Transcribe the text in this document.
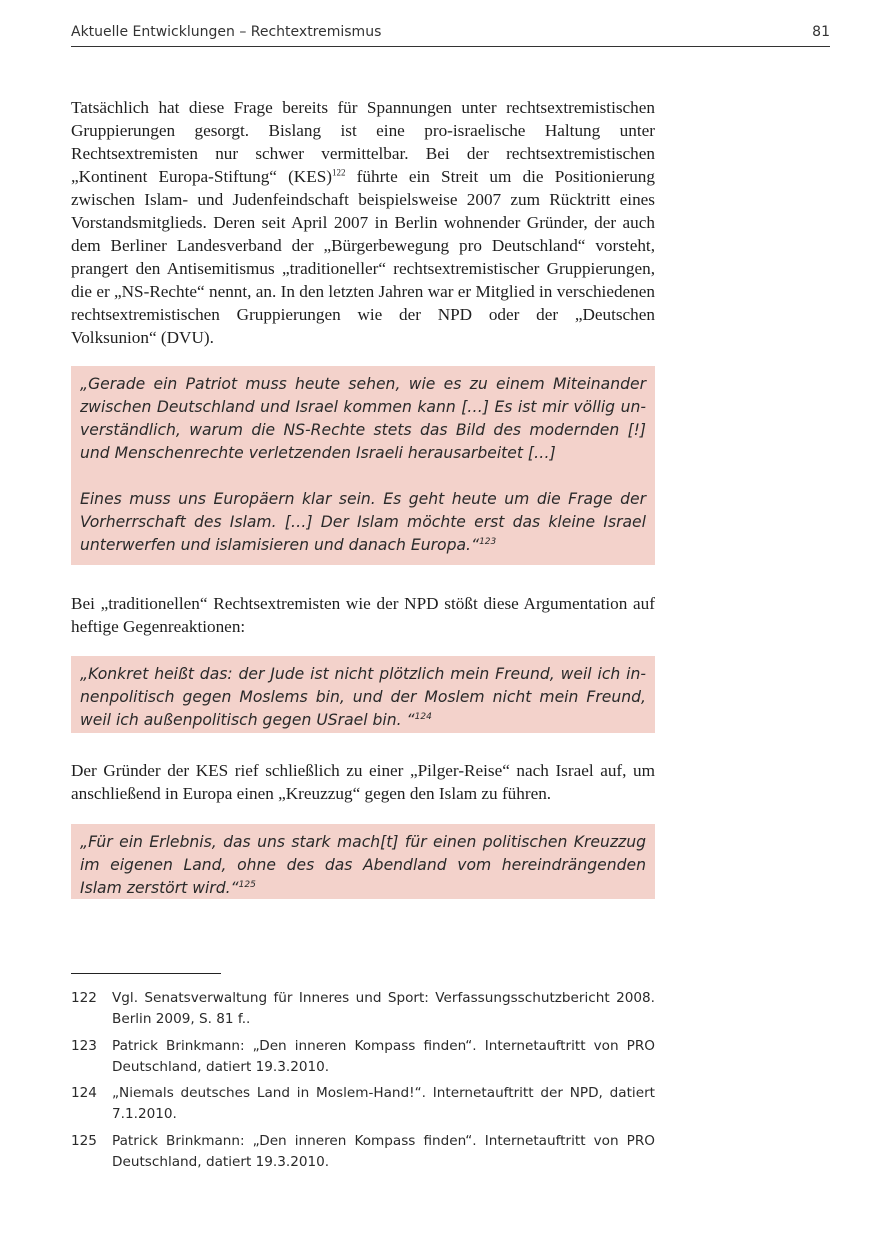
Aktuelle Entwicklungen – Rechtextremismus	81

Tatsächlich hat diese Frage bereits für Spannungen unter rechtsextremistischen Gruppierungen gesorgt. Bislang ist eine pro-israelische Haltung unter Rechtsextremisten nur schwer vermittelbar. Bei der rechtsextremistischen „Kontinent Europa-Stiftung“ (KES)$^{122}$ führte ein Streit um die Positionierung zwischen Islam- und Judenfeindschaft beispielsweise 2007 zum Rücktritt eines Vorstandsmitglieds. Deren seit April 2007 in Berlin wohnender Gründer, der auch dem Berliner Landesverband der „Bürgerbewegung pro Deutschland“ vorsteht, prangert den Antisemitismus „traditioneller“ rechtsextremistischer Gruppierungen, die er „NS-Rechte“ nennt, an. In den letzten Jahren war er Mitglied in verschiedenen rechtsextremistischen Gruppierungen wie der NPD oder der „Deutschen Volksunion“ (DVU).

„Gerade ein Patriot muss heute sehen, wie es zu einem Miteinander zwischen Deutschland und Israel kommen kann […] Es ist mir völlig unverständlich, warum die NS-Rechte stets das Bild des modernden [!] und Menschenrechte verletzenden Israeli herausarbeitet […]

Eines muss uns Europäern klar sein. Es geht heute um die Frage der Vorherrschaft des Islam. […] Der Islam möchte erst das kleine Israel unterwerfen und islamisieren und danach Europa.“$^{123}$

Bei „traditionellen“ Rechtsextremisten wie der NPD stößt diese Argumentation auf heftige Gegenreaktionen:

„Konkret heißt das: der Jude ist nicht plötzlich mein Freund, weil ich innenpolitisch gegen Moslems bin, und der Moslem nicht mein Freund, weil ich außenpolitisch gegen USrael bin. “$^{124}$

Der Gründer der KES rief schließlich zu einer „Pilger-Reise“ nach Israel auf, um anschließend in Europa einen „Kreuzzug“ gegen den Islam zu führen.

„Für ein Erlebnis, das uns stark mach[t] für einen politischen Kreuzzug im eigenen Land, ohne des das Abendland vom hereindrängenden Islam zerstört wird.“$^{125}$

122 Vgl. Senatsverwaltung für Inneres und Sport: Verfassungsschutzbericht 2008. Berlin 2009, S. 81 f..
123 Patrick Brinkmann: „Den inneren Kompass finden“. Internetauftritt von PRO Deutschland, datiert 19.3.2010.
124 „Niemals deutsches Land in Moslem-Hand!“. Internetauftritt der NPD, datiert 7.1.2010.
125 Patrick Brinkmann: „Den inneren Kompass finden“. Internetauftritt von PRO Deutschland, datiert 19.3.2010.
